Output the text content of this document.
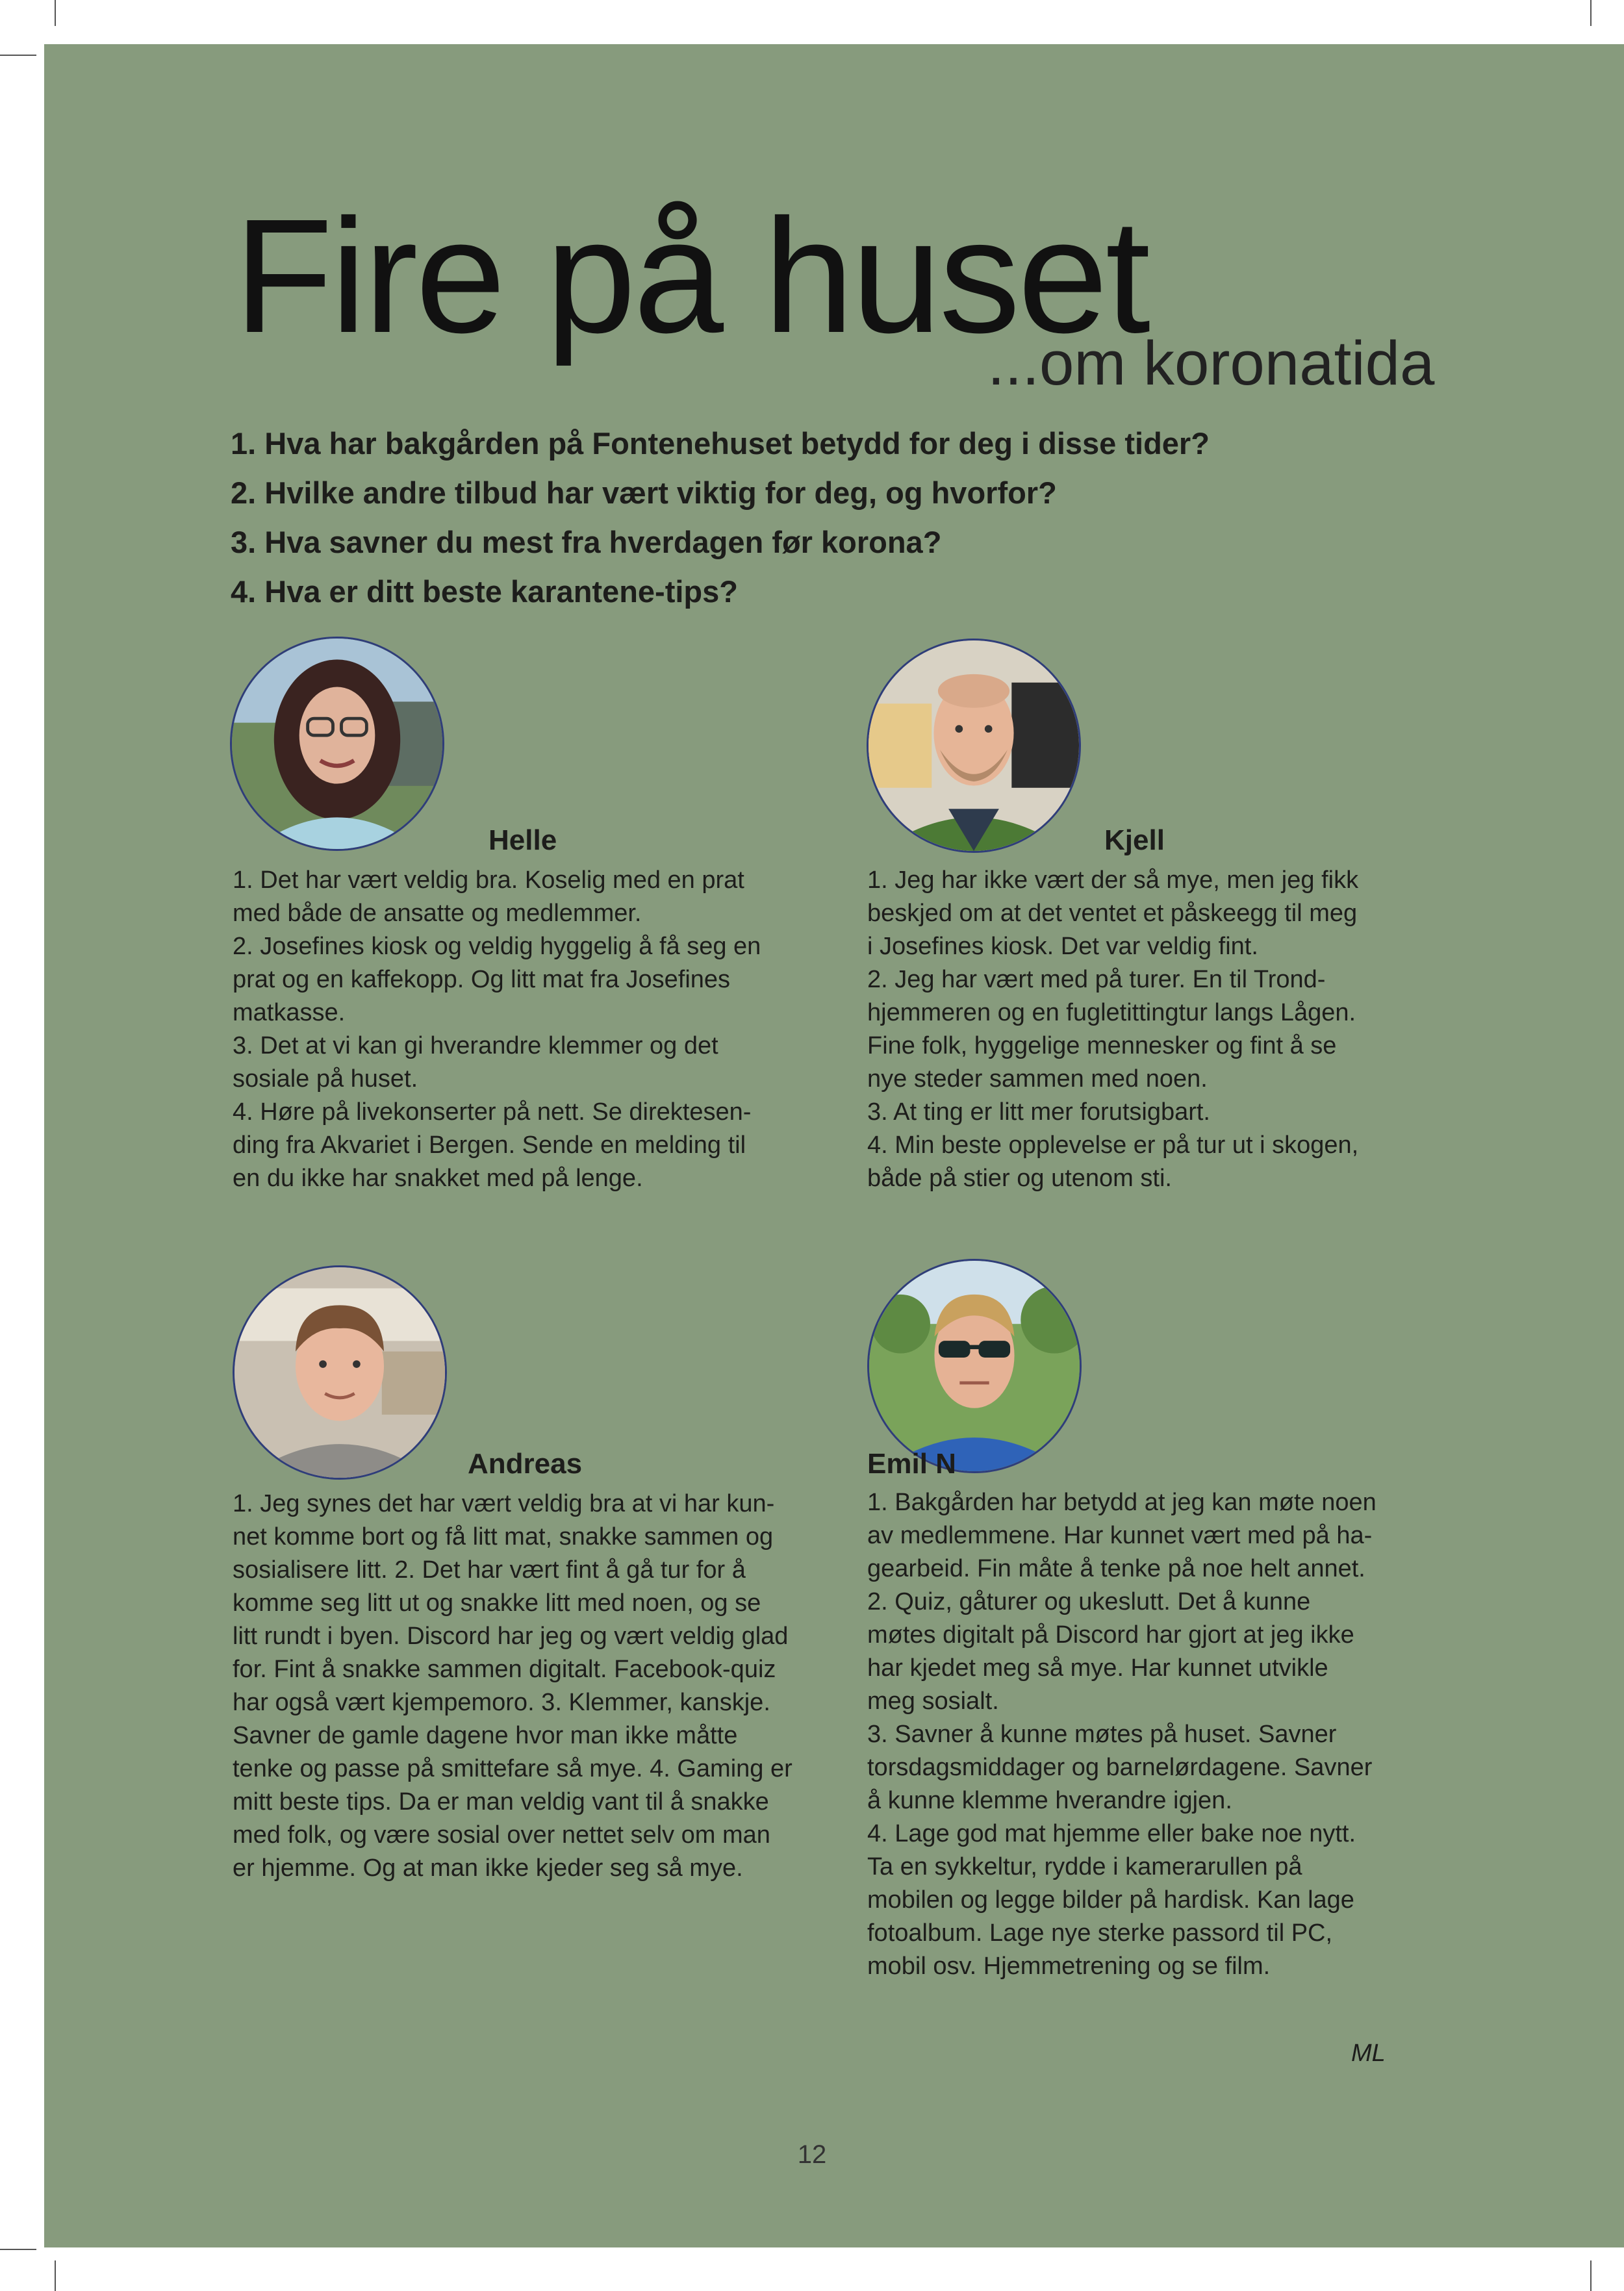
Fire på huset
...om koronatida
1. Hva har bakgården på Fontenehuset betydd for deg i disse tider?
2. Hvilke andre tilbud har vært viktig for deg, og hvorfor?
3. Hva savner du mest fra hverdagen før korona?
4. Hva er ditt beste karantene-tips?
Helle

1. Det har vært veldig bra. Koselig med en prat

med både de ansatte og medlemmer.

2. Josefines kiosk og veldig hyggelig å få seg en

prat og en kaffekopp. Og litt mat fra Josefines

matkasse.

3. Det at vi kan gi hverandre klemmer og det

sosiale på huset.

4. Høre på livekonserter på nett. Se direktesen-

ding fra Akvariet i Bergen. Sende en melding til

en du ikke har snakket med på lenge.

Kjell

1. Jeg har ikke vært der så mye, men jeg fikk

beskjed om at det ventet et påskeegg til meg

i Josefines kiosk. Det var veldig fint.

2. Jeg har vært med på turer. En til Trond-

hjemmeren og en fugletittingtur langs Lågen.

Fine folk, hyggelige mennesker og fint å se

nye steder sammen med noen.

3. At ting er litt mer forutsigbart.

4. Min beste opplevelse er på tur ut i skogen,

både på stier og utenom sti.

Andreas

1. Jeg synes det har vært veldig bra at vi har kun-

net komme bort og få litt mat, snakke sammen og

sosialisere litt. 2. Det har vært fint å gå tur for å

komme seg litt ut og snakke litt med noen, og se

litt rundt i byen. Discord har jeg og vært veldig glad

for. Fint å snakke sammen digitalt. Facebook-quiz

har også vært kjempemoro. 3. Klemmer, kanskje.

Savner de gamle dagene hvor man ikke måtte

tenke og passe på smittefare så mye. 4. Gaming er

mitt beste tips. Da er man veldig vant til å snakke

med folk, og være sosial over nettet selv om man

er hjemme. Og at man ikke kjeder seg så mye.

Emil N

1. Bakgården har betydd at jeg kan møte noen

av medlemmene. Har kunnet vært med på ha-

gearbeid. Fin måte å tenke på noe helt annet.

2. Quiz, gåturer og ukeslutt. Det å kunne

møtes digitalt på Discord har gjort at jeg ikke

har kjedet meg så mye. Har kunnet utvikle

meg sosialt.

3. Savner å kunne møtes på huset. Savner

torsdagsmiddager og barnelørdagene. Savner

å kunne klemme hverandre igjen.

4. Lage god mat hjemme eller bake noe nytt.

Ta en sykkeltur, rydde i kamerarullen på

mobilen og legge bilder på hardisk. Kan lage

fotoalbum. Lage nye sterke passord til PC,

mobil osv. Hjemmetrening og se film.

ML
12
